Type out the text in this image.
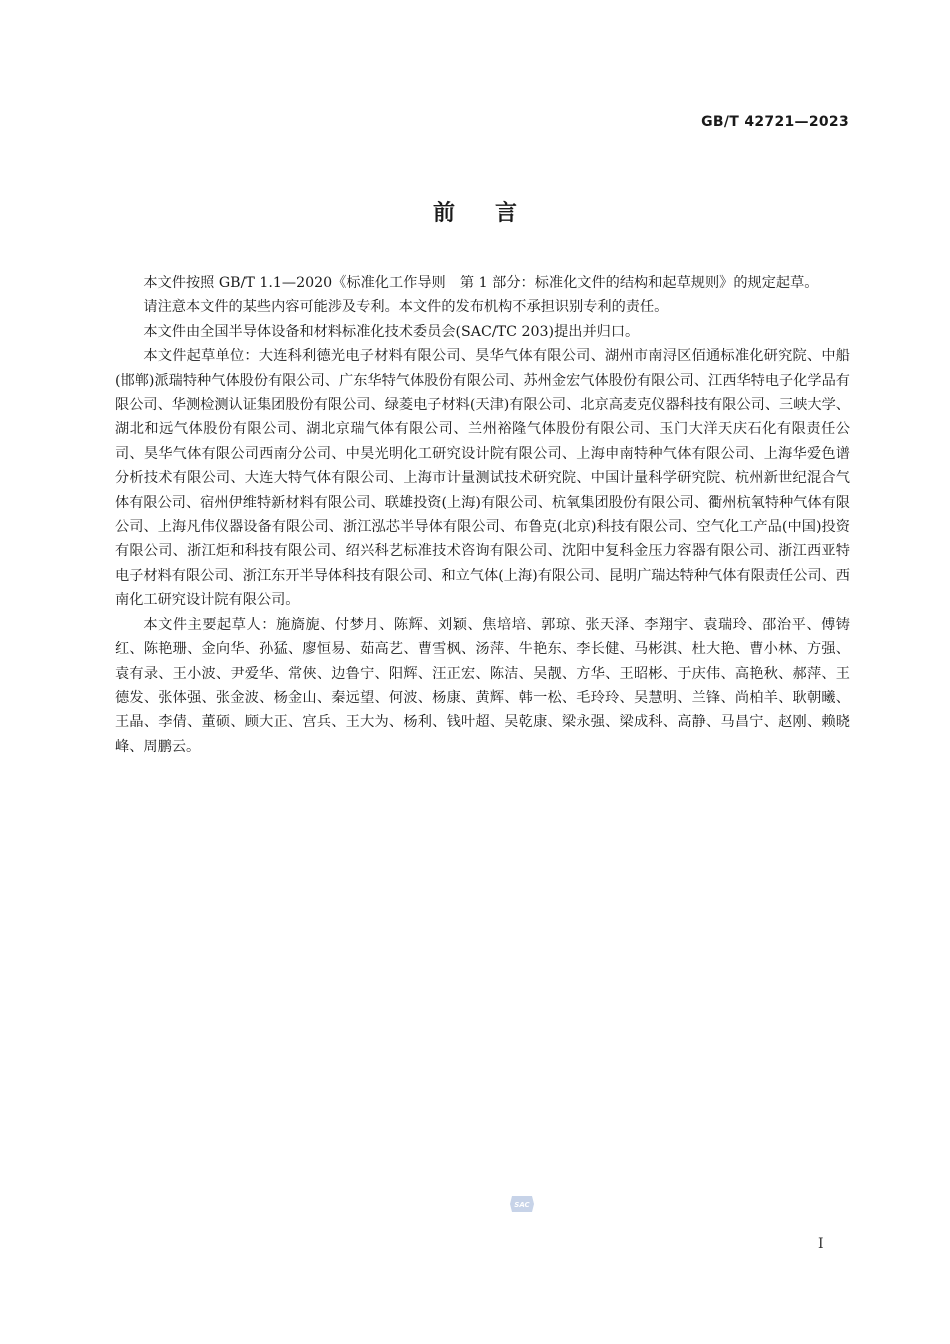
GB/T 42721—2023
前言

本文件按照 GB/T 1.1—2020《标准化工作导则　第 1 部分：标准化文件的结构和起草规则》的规定起草。

请注意本文件的某些内容可能涉及专利。本文件的发布机构不承担识别专利的责任。

本文件由全国半导体设备和材料标准化技术委员会(SAC/TC 203)提出并归口。

本文件起草单位：大连科利德光电子材料有限公司、昊华气体有限公司、湖州市南浔区佰通标准化研究院、中船(邯郸)派瑞特种气体股份有限公司、广东华特气体股份有限公司、苏州金宏气体股份有限公司、江西华特电子化学品有限公司、华测检测认证集团股份有限公司、绿菱电子材料(天津)有限公司、北京高麦克仪器科技有限公司、三峡大学、湖北和远气体股份有限公司、湖北京瑞气体有限公司、兰州裕隆气体股份有限公司、玉门大洋天庆石化有限责任公司、昊华气体有限公司西南分公司、中昊光明化工研究设计院有限公司、上海申南特种气体有限公司、上海华爱色谱分析技术有限公司、大连大特气体有限公司、上海市计量测试技术研究院、中国计量科学研究院、杭州新世纪混合气体有限公司、宿州伊维特新材料有限公司、联雄投资(上海)有限公司、杭氧集团股份有限公司、衢州杭氧特种气体有限公司、上海凡伟仪器设备有限公司、浙江泓芯半导体有限公司、布鲁克(北京)科技有限公司、空气化工产品(中国)投资有限公司、浙江炬和科技有限公司、绍兴科艺标准技术咨询有限公司、沈阳中复科金压力容器有限公司、浙江西亚特电子材料有限公司、浙江东开半导体科技有限公司、和立气体(上海)有限公司、昆明广瑞达特种气体有限责任公司、西南化工研究设计院有限公司。

本文件主要起草人：施旖旎、付梦月、陈辉、刘颖、焦培培、郭琼、张天泽、李翔宇、袁瑞玲、邵治平、傅铸红、陈艳珊、金向华、孙猛、廖恒易、茹高艺、曹雪枫、汤萍、牛艳东、李长健、马彬淇、杜大艳、曹小林、方强、袁有录、王小波、尹爱华、常俠、边鲁宁、阳辉、汪正宏、陈洁、吴靓、方华、王昭彬、于庆伟、高艳秋、郝萍、王德发、张体强、张金波、杨金山、秦远望、何波、杨康、黄辉、韩一松、毛玲玲、吴慧明、兰锋、尚柏羊、耿朝曦、王晶、李倩、董硕、顾大正、宫兵、王大为、杨利、钱叶超、吴乾康、梁永强、梁成科、高静、马昌宁、赵刚、赖晓峰、周鹏云。

SAC
I
